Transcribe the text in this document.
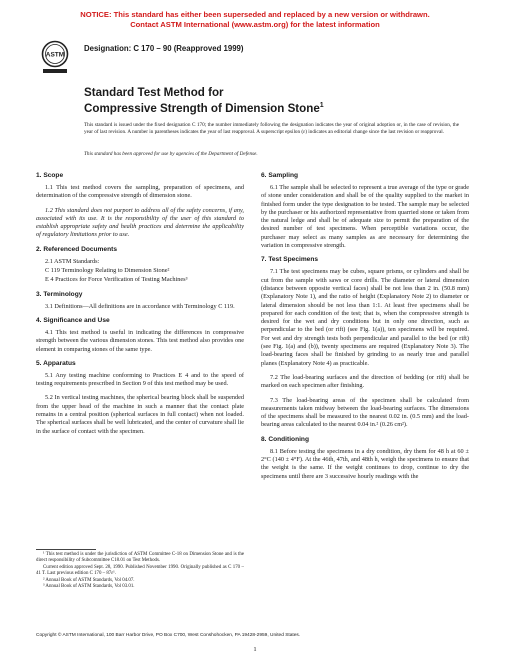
NOTICE: This standard has either been superseded and replaced by a new version or withdrawn.
Contact ASTM International (www.astm.org) for the latest information
ASTM
Designation: C 170 – 90 (Reapproved 1999)
Standard Test Method for
Compressive Strength of Dimension Stone$^1$
This standard is issued under the fixed designation C 170; the number immediately following the designation indicates the year of original adoption or, in the case of revision, the year of last revision. A number in parentheses indicates the year of last reapproval. A superscript epsilon (ε) indicates an editorial change since the last revision or reapproval.
This standard has been approved for use by agencies of the Department of Defense.
1. Scope

1.1 This test method covers the sampling, preparation of specimens, and determination of the compressive strength of dimension stone.

1.2 This standard does not purport to address all of the safety concerns, if any, associated with its use. It is the responsibility of the user of this standard to establish appropriate safety and health practices and determine the applicability of regulatory limitations prior to use.

2. Referenced Documents

2.1 ASTM Standards:

C 119 Terminology Relating to Dimension Stone²

E 4 Practices for Force Verification of Testing Machines³

3. Terminology

3.1 Definitions—All definitions are in accordance with Terminology C 119.

4. Significance and Use

4.1 This test method is useful in indicating the differences in compressive strength between the various dimension stones. This test method also provides one element in comparing stones of the same type.

5. Apparatus

5.1 Any testing machine conforming to Practices E 4 and to the speed of testing requirements prescribed in Section 9 of this test method may be used.

5.2 In vertical testing machines, the spherical bearing block shall be suspended from the upper head of the machine in such a manner that the contact plate remains in a central position (spherical surfaces in full contact) when not loaded. The spherical surfaces shall be well lubricated, and the center of curvature shall lie in the surface of contact with the specimen.

¹ This test method is under the jurisdiction of ASTM Committee C-18 on Dimension Stone and is the direct responsibility of Subcommittee C18.01 on Test Methods.
Current edition approved Sept. 28, 1990. Published November 1990. Originally published as C 170 – 41 T. Last previous edition C 170 – 87ε¹.
² Annual Book of ASTM Standards, Vol 04.07.
³ Annual Book of ASTM Standards, Vol 03.01.
6. Sampling

6.1 The sample shall be selected to represent a true average of the type or grade of stone under consideration and shall be of the quality supplied to the market in finished form under the type designation to be tested. The sample may be selected by the purchaser or his authorized representative from quarried stone or taken from the natural ledge and shall be of adequate size to permit the preparation of the desired number of test specimens. When perceptible variations occur, the purchaser may select as many samples as are necessary for determining the variation in compressive strength.

7. Test Specimens

7.1 The test specimens may be cubes, square prisms, or cylinders and shall be cut from the sample with saws or core drills. The diameter or lateral dimension (distance between opposite vertical faces) shall be not less than 2 in. (50.8 mm) (Explanatory Note 1), and the ratio of height (Explanatory Note 2) to diameter or lateral dimension should be not less than 1:1. At least five specimens shall be prepared for each condition of the test; that is, when the compressive strength is desired for the wet and dry conditions but in only one direction, such as perpendicular to the bed (or rift) (see Fig. 1(a)), ten specimens will be required. For wet and dry strength tests both perpendicular and parallel to the bed (or rift) (see Fig. 1(a) and (b)), twenty specimens are required (Explanatory Note 3). The load-bearing faces shall be finished by grinding to as nearly true and parallel planes (Explanatory Note 4) as practicable.

7.2 The load-bearing surfaces and the direction of bedding (or rift) shall be marked on each specimen after finishing.

7.3 The load-bearing areas of the specimen shall be calculated from measurements taken midway between the load-bearing surfaces. The dimensions of the specimens shall be measured to the nearest 0.02 in. (0.5 mm) and the load-bearing areas calculated to the nearest 0.04 in.² (0.26 cm²).

8. Conditioning

8.1 Before testing the specimens in a dry condition, dry them for 48 h at 60 ± 2°C (140 ± 4°F). At the 46th, 47th, and 48th h, weigh the specimens to ensure that the weight is the same. If the weight continues to drop, continue to dry the specimens until there are 3 successive hourly readings with the

Copyright © ASTM International, 100 Barr Harbor Drive, PO Box C700, West Conshohocken, PA 19428-2959, United States.
1
